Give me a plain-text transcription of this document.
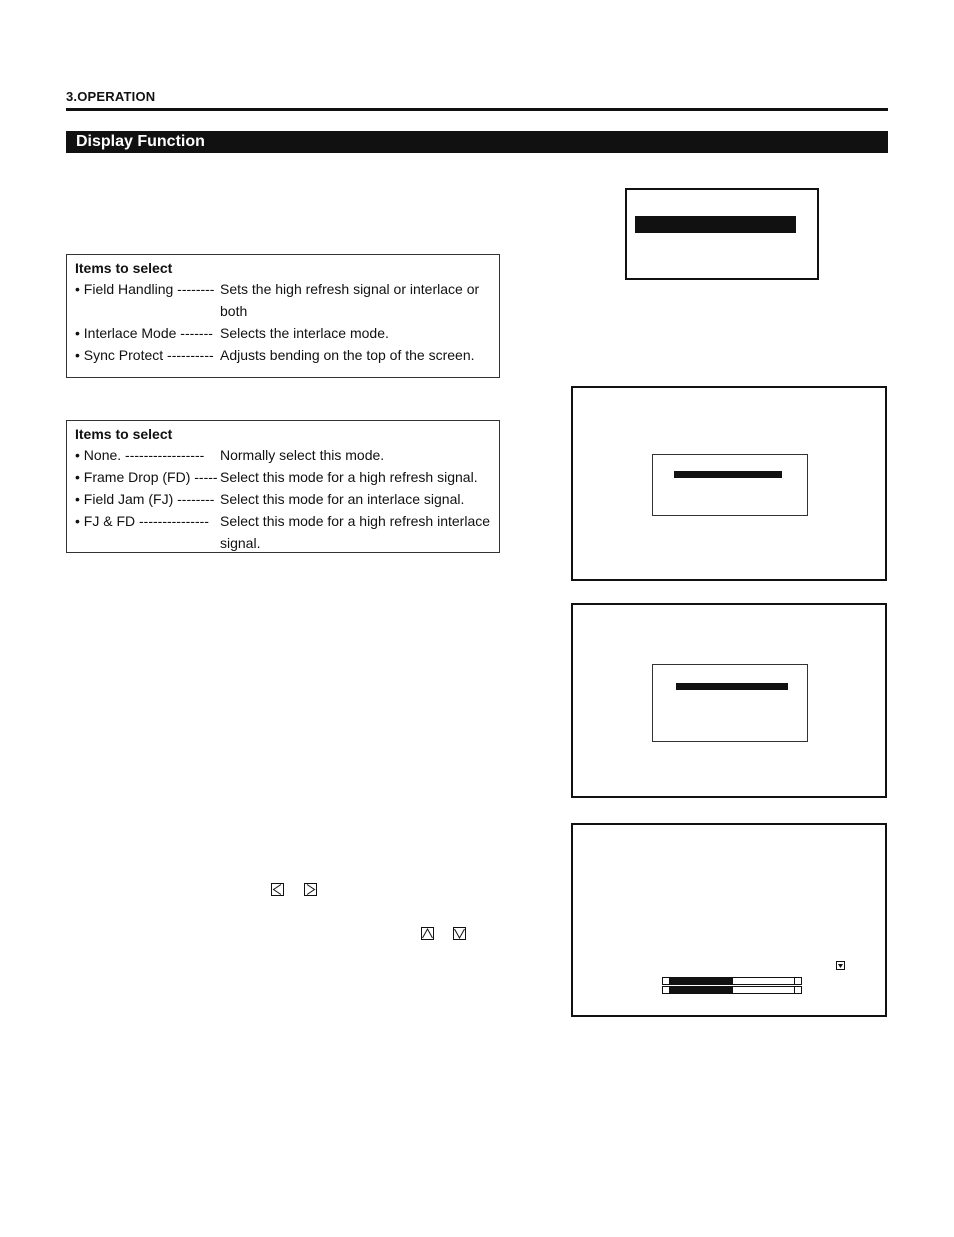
3.OPERATION
Display Function
Items to select
• Field Handling -------- Sets the high refresh signal or interlace or both
• Interlace Mode ------- Selects the interlace mode.
• Sync Protect ---------- Adjusts bending on the top of the screen.
Items to select
• None. -----------------	Normally select this mode.
• Frame Drop (FD) ----- Select this mode for a high refresh signal.
• Field Jam (FJ) -------- Select this mode for an interlace signal.
• FJ & FD --------------- Select this mode for a high refresh interlace signal.
